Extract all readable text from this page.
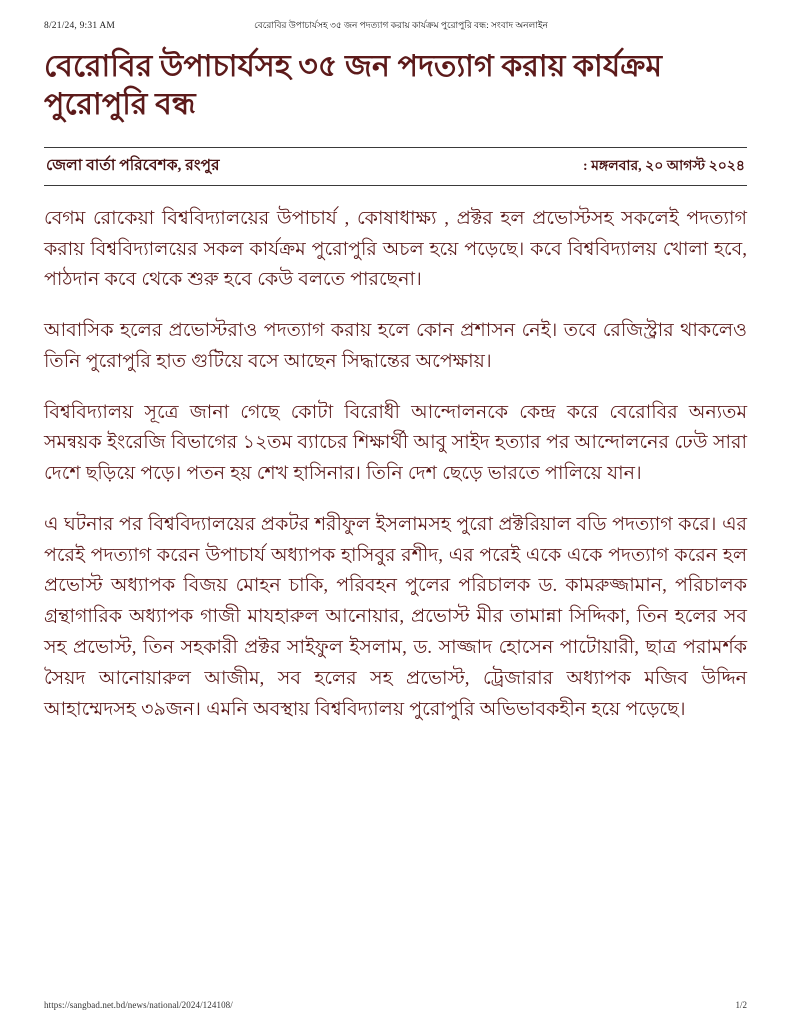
8/21/24, 9:31 AM	বেরোবির উপাচার্যসহ ৩৫ জন পদত্যাগ করায় কার্যক্রম পুরোপুরি বন্ধ: সংবাদ অনলাইন
বেরোবির উপাচার্যসহ ৩৫ জন পদত্যাগ করায় কার্যক্রম পুরোপুরি বন্ধ
জেলা বার্তা পরিবেশক, রংপুর	: মঙ্গলবার, ২০ আগস্ট ২০২৪

বেগম রোকেয়া বিশ্ববিদ্যালয়ের উপাচার্য , কোষাধাক্ষ্য , প্রক্টর হল প্রভোস্টসহ সকলেই পদত্যাগ করায় বিশ্ববিদ্যালয়ের সকল কার্যক্রম পুরোপুরি অচল হয়ে পড়েছে। কবে বিশ্ববিদ্যালয় খোলা হবে, পাঠদান কবে থেকে শুরু হবে কেউ বলতে পারছেনা।

আবাসিক হলের প্রভোস্টরাও পদত্যাগ করায় হলে কোন প্রশাসন নেই। তবে রেজিস্ট্রার থাকলেও তিনি পুরোপুরি হাত গুটিয়ে বসে আছেন সিদ্ধান্তের অপেক্ষায়।

বিশ্ববিদ্যালয় সূত্রে জানা গেছে কোটা বিরোধী আন্দোলনকে কেন্দ্র করে বেরোবির অন্যতম সমন্বয়ক ইংরেজি বিভাগের ১২তম ব্যাচের শিক্ষার্থী আবু সাইদ হত্যার পর আন্দোলনের ঢেউ সারা দেশে ছড়িয়ে পড়ে। পতন হয় শেখ হাসিনার। তিনি দেশ ছেড়ে ভারতে পালিয়ে যান।

এ ঘটনার পর বিশ্ববিদ্যালয়ের প্রকটর শরীফুল ইসলামসহ পুরো প্রক্টরিয়াল বডি পদত্যাগ করে। এর পরেই পদত্যাগ করেন উপাচার্য অধ্যাপক হাসিবুর রশীদ, এর পরেই একে একে পদত্যাগ করেন হল প্রভোস্ট অধ্যাপক বিজয় মোহন চাকি, পরিবহন পুলের পরিচালক ড. কামরুজ্জামান, পরিচালক গ্রন্থাগারিক অধ্যাপক গাজী মাযহারুল আনোয়ার, প্রভোস্ট মীর তামান্না সিদ্দিকা, তিন হলের সব সহ প্রভোস্ট, তিন সহকারী প্রক্টর সাইফুল ইসলাম, ড. সাজ্জাদ হোসেন পাটোয়ারী, ছাত্র পরামর্শক সৈয়দ আনোয়ারুল আজীম, সব হলের সহ প্রভোস্ট, ট্রেজারার অধ্যাপক মজিব উদ্দিন আহাম্মেদসহ ৩৯জন। এমনি অবস্থায় বিশ্ববিদ্যালয় পুরোপুরি অভিভাবকহীন হয়ে পড়েছে।

https://sangbad.net.bd/news/national/2024/124108/	1/2
